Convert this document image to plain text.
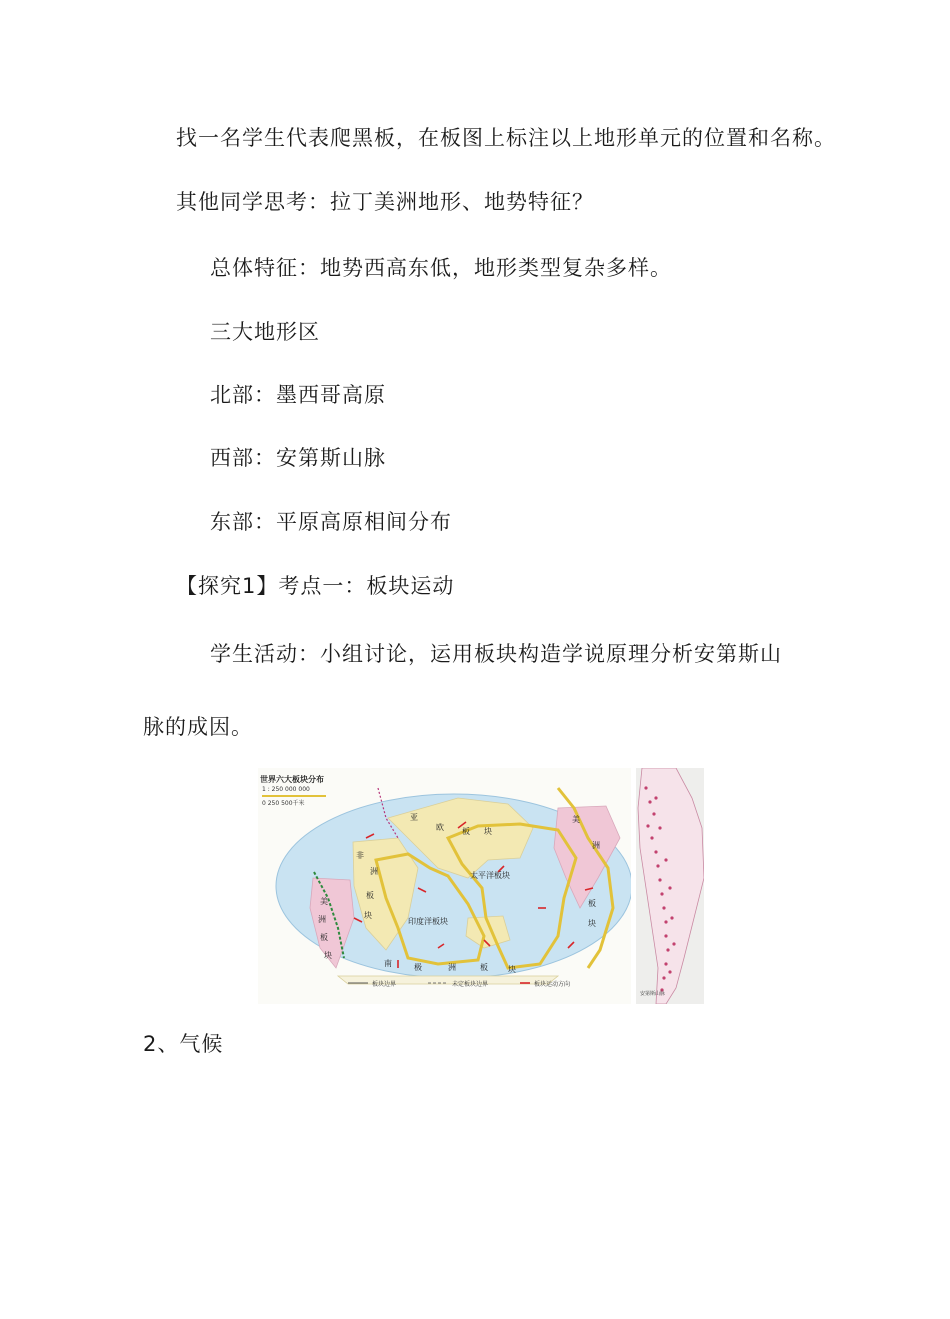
找一名学生代表爬黑板，在板图上标注以上地形单元的位置和名称。
其他同学思考：拉丁美洲地形、地势特征？
总体特征：地势西高东低，地形类型复杂多样。
三大地形区
北部：墨西哥高原
西部：安第斯山脉
东部：平原高原相间分布
【探究1】考点一：板块运动
学生活动：小组讨论，运用板块构造学说原理分析安第斯山
脉的成因。
世界六大板块分布
1 : 250 000 000
0 250 500千米
亚
欧 板 块
非
洲
板
块
美
洲
板
块
美
洲
板
块
太平洋板块
印度洋板块
南	极	洲	板	块
板块边界	未定板块边界	板块运动方向
安第斯山脉
2、气候
